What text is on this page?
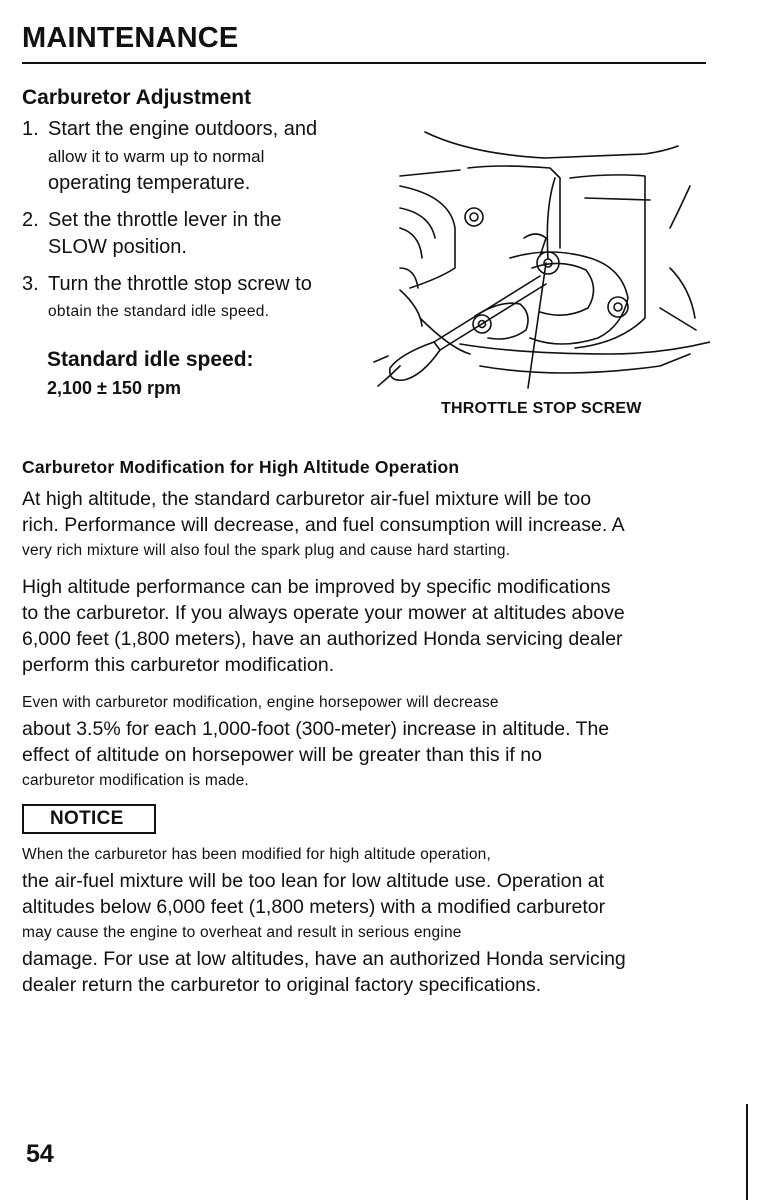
MAINTENANCE
Carburetor Adjustment
1. Start the engine outdoors, and
allow it to warm up to normal
operating temperature.
2. Set the throttle lever in the
SLOW position.
3. Turn the throttle stop screw to
obtain the standard idle speed.
Standard idle speed:
2,100 ± 150 rpm
THROTTLE STOP SCREW
Carburetor Modification for High Altitude Operation
At high altitude, the standard carburetor air-fuel mixture will be too
rich. Performance will decrease, and fuel consumption will increase. A
very rich mixture will also foul the spark plug and cause hard starting.
High altitude performance can be improved by specific modifications
to the carburetor. If you always operate your mower at altitudes above
6,000 feet (1,800 meters), have an authorized Honda servicing dealer
perform this carburetor modification.
Even with carburetor modification, engine horsepower will decrease
about 3.5% for each 1,000-foot (300-meter) increase in altitude. The
effect of altitude on horsepower will be greater than this if no
carburetor modification is made.
NOTICE
When the carburetor has been modified for high altitude operation,
the air-fuel mixture will be too lean for low altitude use. Operation at
altitudes below 6,000 feet (1,800 meters) with a modified carburetor
may cause the engine to overheat and result in serious engine
damage. For use at low altitudes, have an authorized Honda servicing
dealer return the carburetor to original factory specifications.
54
